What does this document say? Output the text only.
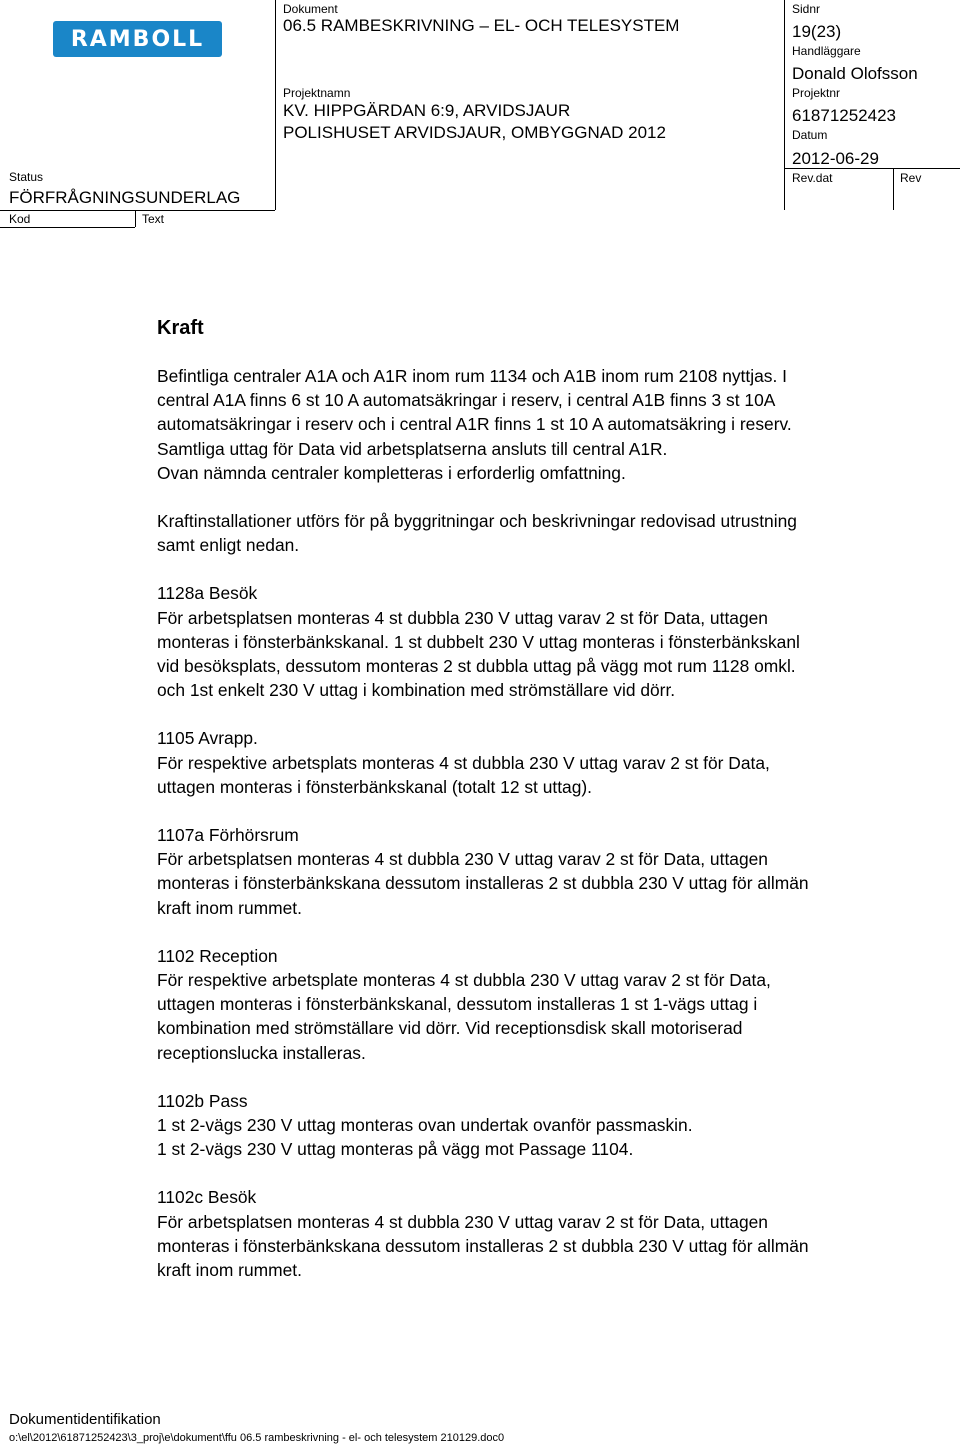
RAMBOLL
Status
FÖRFRÅGNINGSUNDERLAG
Kod	Text
Dokument
06.5 RAMBESKRIVNING – EL- OCH TELESYSTEM
Projektnamn
KV. HIPPGÄRDAN 6:9, ARVIDSJAUR
POLISHUSET ARVIDSJAUR, OMBYGGNAD 2012
Sidnr
19(23)
Handläggare
Donald Olofsson
Projektnr
61871252423
Datum
2012-06-29
Rev.dat	Rev
Kraft

Befintliga centraler A1A och A1R inom rum 1134 och A1B inom rum 2108 nyttjas. I

central A1A finns 6 st 10 A automatsäkringar i reserv, i central A1B finns 3 st 10A

automatsäkringar i reserv och i central A1R finns 1 st 10 A automatsäkring i reserv.

Samtliga uttag för Data vid arbetsplatserna ansluts till central A1R.

Ovan nämnda centraler kompletteras i erforderlig omfattning.

Kraftinstallationer utförs för på byggritningar och beskrivningar redovisad utrustning

samt enligt nedan.

1128a Besök

För arbetsplatsen monteras 4 st dubbla 230 V uttag varav 2 st för Data, uttagen

monteras i fönsterbänkskanal. 1 st dubbelt 230 V uttag monteras i fönsterbänkskanl

vid besöksplats, dessutom monteras 2 st dubbla uttag på vägg mot rum 1128 omkl.

och 1st enkelt 230 V uttag i kombination med strömställare vid dörr.

1105 Avrapp.

För respektive arbetsplats monteras 4 st dubbla 230 V uttag varav 2 st för Data,

uttagen monteras i fönsterbänkskanal (totalt 12 st uttag).

1107a Förhörsrum

För arbetsplatsen monteras 4 st dubbla 230 V uttag varav 2 st för Data, uttagen

monteras i fönsterbänkskana dessutom installeras 2 st dubbla 230 V uttag för allmän

kraft inom rummet.

1102 Reception

För respektive arbetsplate monteras 4 st dubbla 230 V uttag varav 2 st för Data,

uttagen monteras i fönsterbänkskanal, dessutom installeras 1 st 1-vägs uttag i

kombination med strömställare vid dörr. Vid receptionsdisk skall motoriserad

receptionslucka installeras.

1102b Pass

1 st 2-vägs 230 V uttag monteras ovan undertak ovanför passmaskin.

1 st 2-vägs 230 V uttag monteras på vägg mot Passage 1104.

1102c Besök

För arbetsplatsen monteras 4 st dubbla 230 V uttag varav 2 st för Data, uttagen

monteras i fönsterbänkskana dessutom installeras 2 st dubbla 230 V uttag för allmän

kraft inom rummet.

Dokumentidentifikation
o:\el\2012\61871252423\3_proj\e\dokument\ffu 06.5 rambeskrivning - el- och telesystem 210129.doc0
